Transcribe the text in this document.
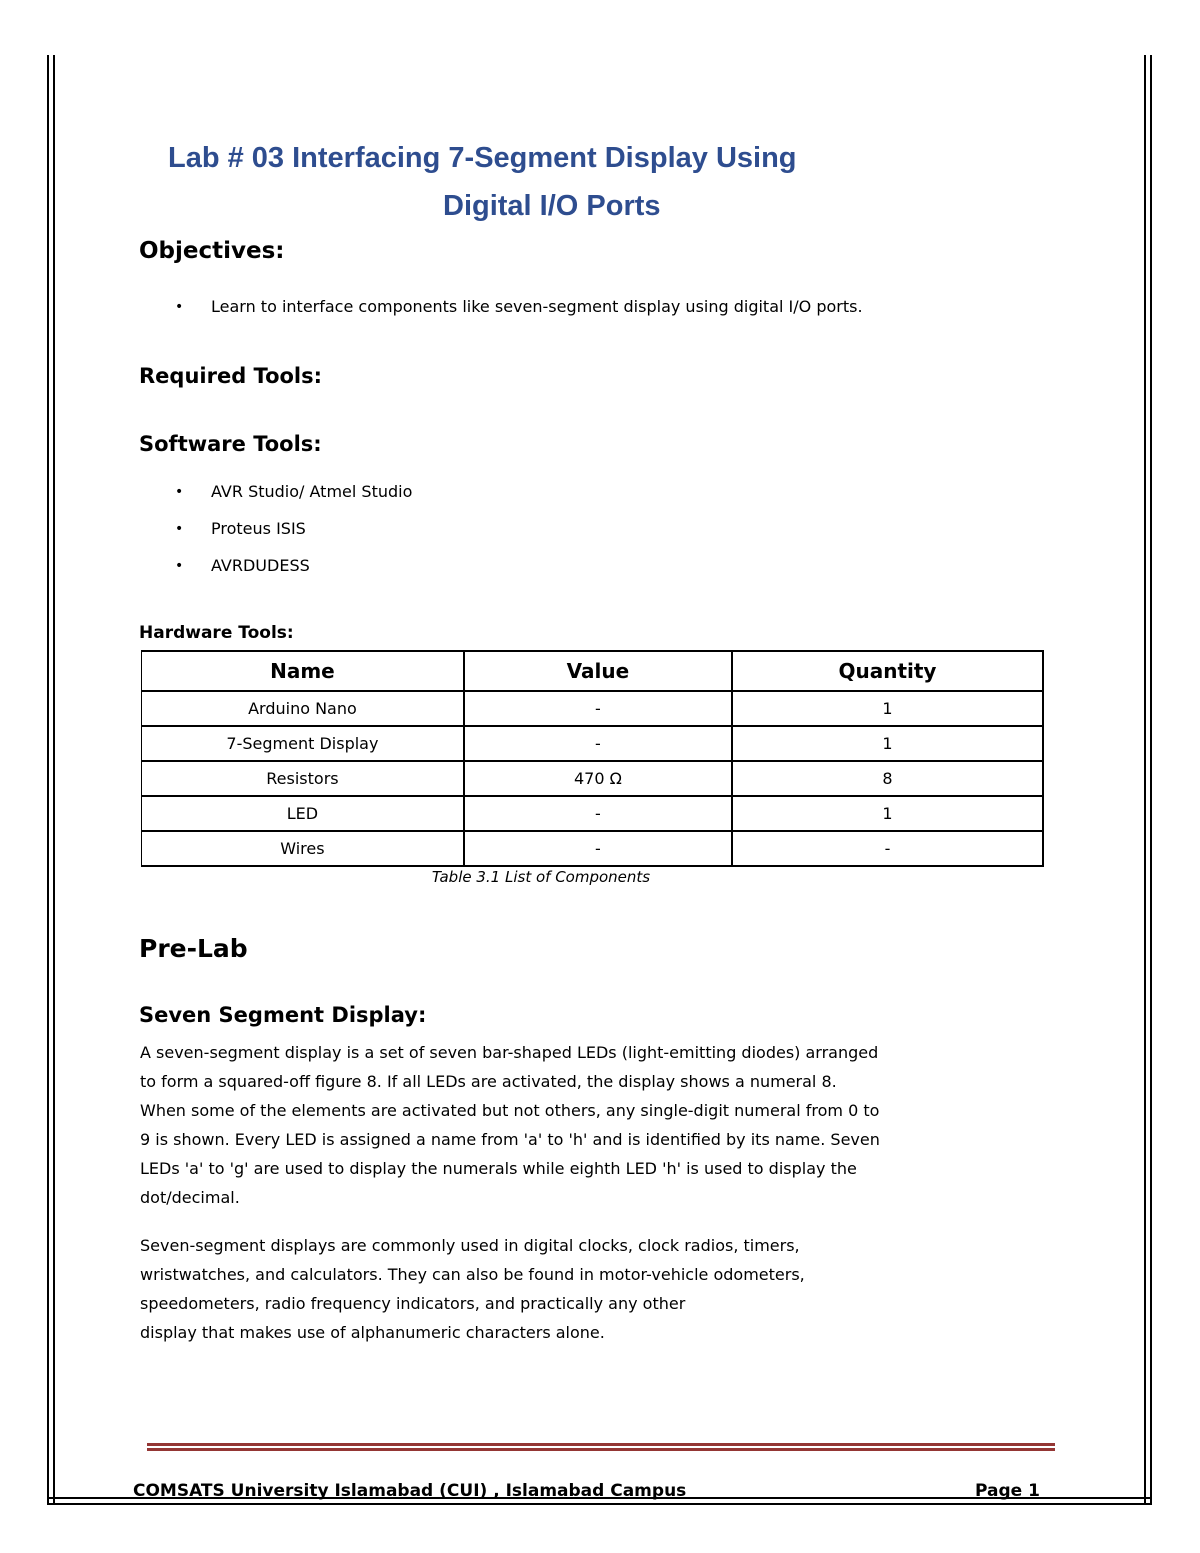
Lab # 03 Interfacing 7-Segment Display Using
Digital I/O Ports
Objectives:
• Learn to interface components like seven-segment display using digital I/O ports.
Required Tools:
Software Tools:
• AVR Studio/ Atmel Studio
• Proteus ISIS
• AVRDUDESS
Hardware Tools:
Name	Value	Quantity
Arduino Nano	-	1
7-Segment Display	-	1
Resistors	470 Ω	8
LED	-	1
Wires	-	-
Table 3.1 List of Components
Pre-Lab
Seven Segment Display:
A seven-segment display is a set of seven bar-shaped LEDs (light-emitting diodes) arranged
to form a squared-off figure 8. If all LEDs are activated, the display shows a numeral 8.
When some of the elements are activated but not others, any single-digit numeral from 0 to
9 is shown. Every LED is assigned a name from 'a' to 'h' and is identified by its name. Seven
LEDs 'a' to 'g' are used to display the numerals while eighth LED 'h' is used to display the
dot/decimal.
Seven-segment displays are commonly used in digital clocks, clock radios, timers,
wristwatches, and calculators. They can also be found in motor-vehicle odometers,
speedometers, radio frequency indicators, and practically any other
display that makes use of alphanumeric characters alone.
COMSATS University Islamabad (CUI) , Islamabad Campus	Page 1
